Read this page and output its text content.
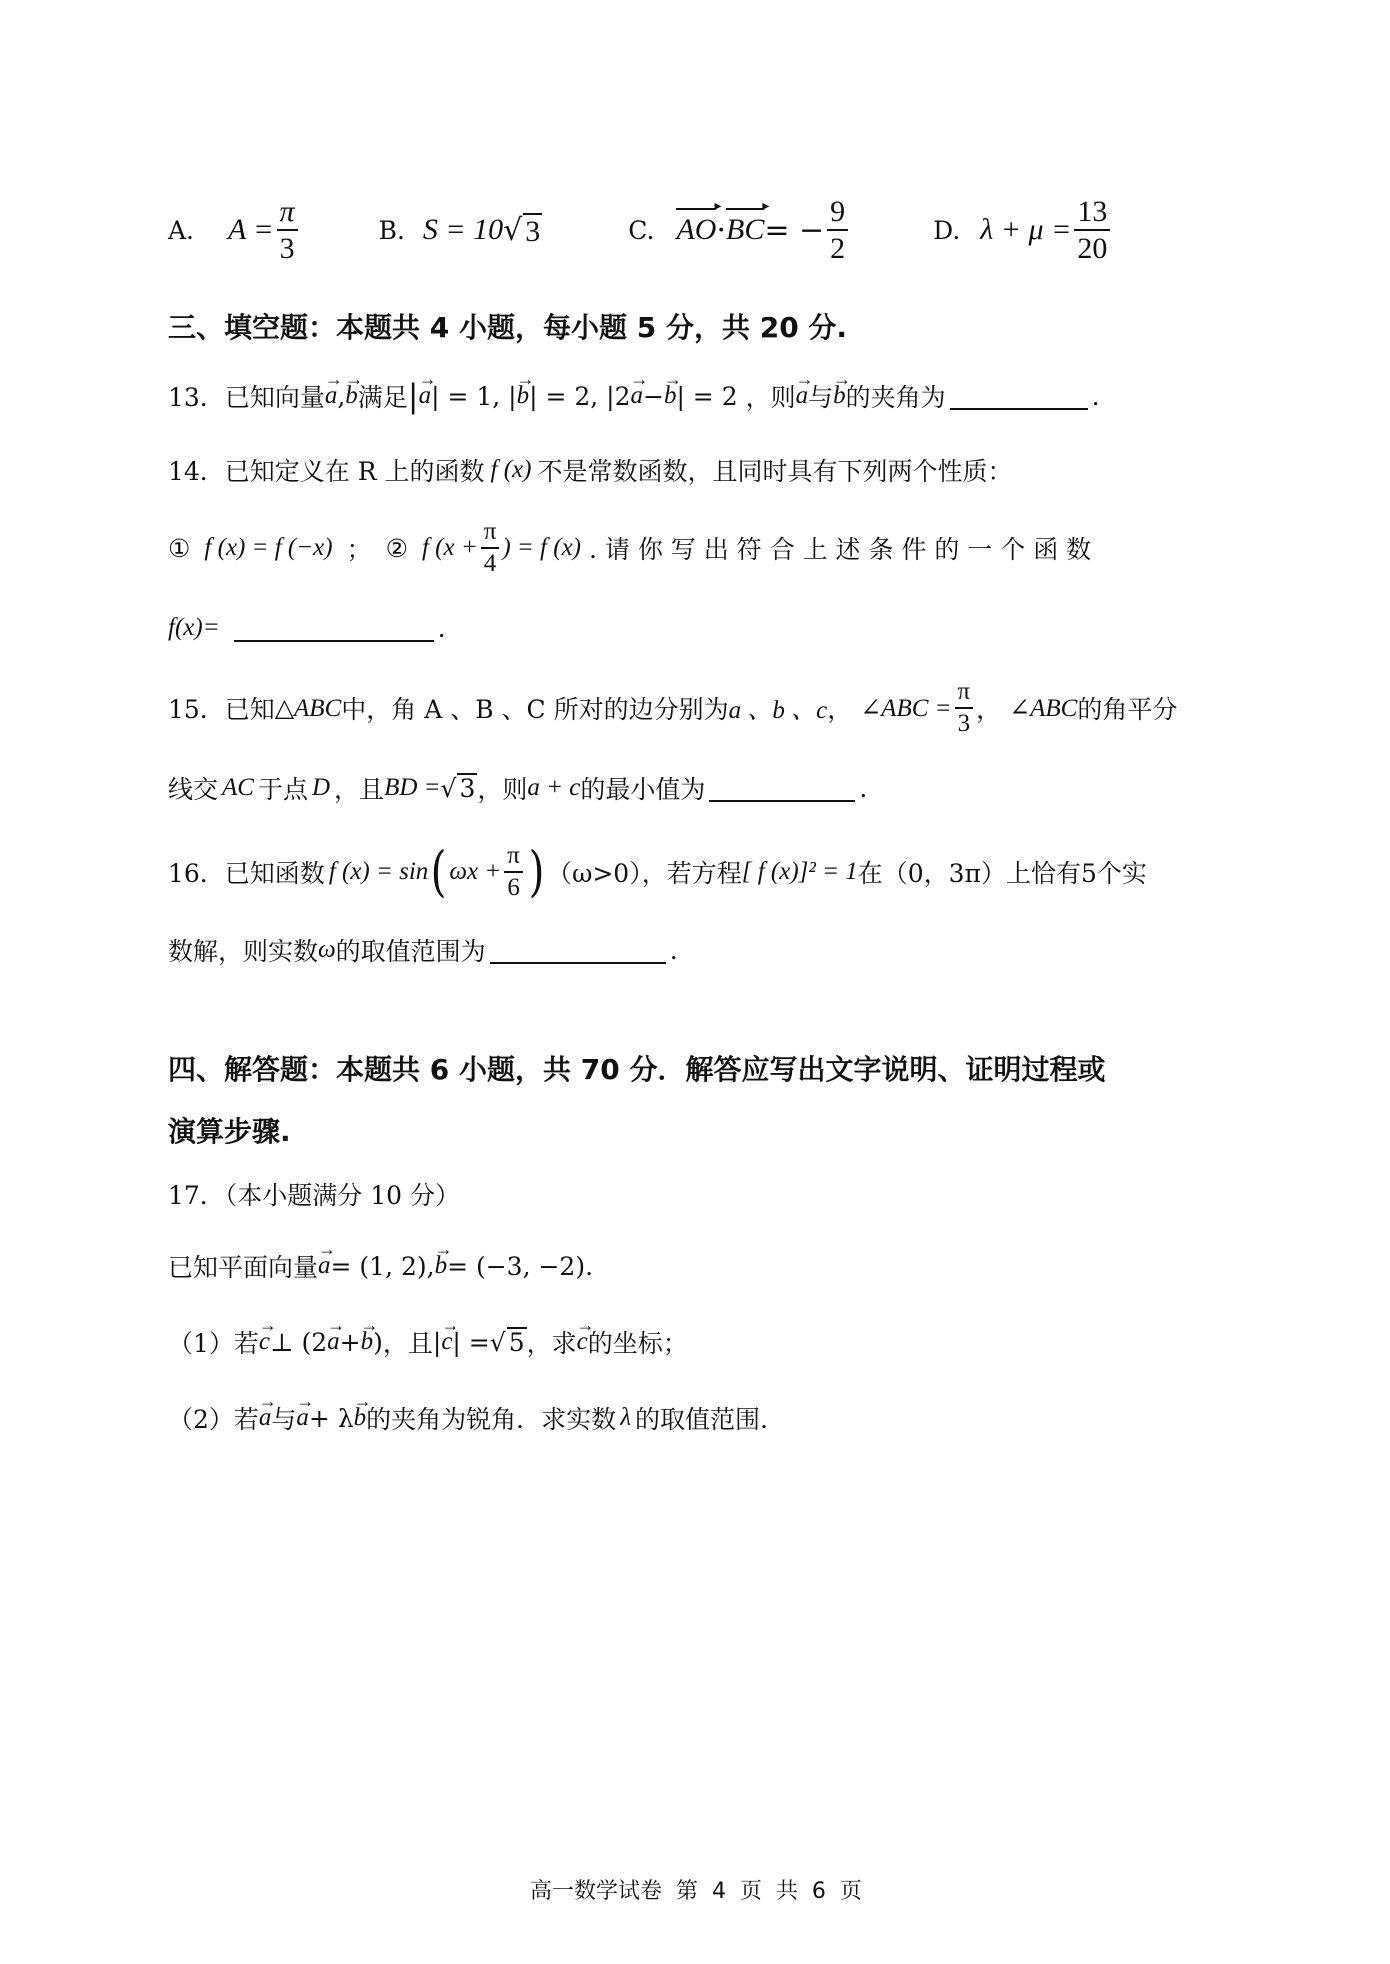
A. $A = \frac{\pi}{3}$	B. S = 10 √ 3	C. AO ▸ · BC ▸ = − $\frac{9}{2}$	D. $\lambda + \mu = \frac{13}{20}$
三、填空题：本题共 4 小题，每小题 5 分，共 20 分.
13． 已知向量 → a , → b 满足 | → a | = 1, | → b | = 2, |2 → a − → b | = 2 ，则 → a 与 → b 的夹角为	.
14．已知定义在 R 上的函数 f (x) 不是常数函数，且同时具有下列两个性质：
① f (x) = f (−x) ； ② f ($x + \frac{\pi}{4}$ ) = f (x) . 请 你 写 出 符 合 上 述 条 件 的 一 个 函 数
f(x)=	.
15．已知 △ABC 中，角 A 、B 、C 所对的边分别为 a 、b 、c ， ∠ABC = $\frac{\pi}{3}$ ， ∠ABC 的角平分
线交 AC 于点 D ，且 BD = √ 3 ，则 a + c 的最小值为	.
16．已知函数 f (x) = sin ( $\omega x + \frac{\pi}{6}$ ) （ω>0），若方程 [ f (x)]² = 1 在（0，3π）上恰有5个实
数解，则实数 ω 的取值范围为	.
四、解答题：本题共 6 小题，共 70 分．解答应写出文字说明、证明过程或
演算步骤.
17．（本小题满分 10 分）
已知平面向量 → a = (1, 2), → b = (−3, −2) .
（1）若 → c ⊥ (2 → a + → b ) ，且 | → c | = √ 5 ，求 → c 的坐标；
（2）若 → a 与 → a + λ → b 的夹角为锐角．求实数 λ 的取值范围.
高一数学试卷  第  4  页  共  6  页
